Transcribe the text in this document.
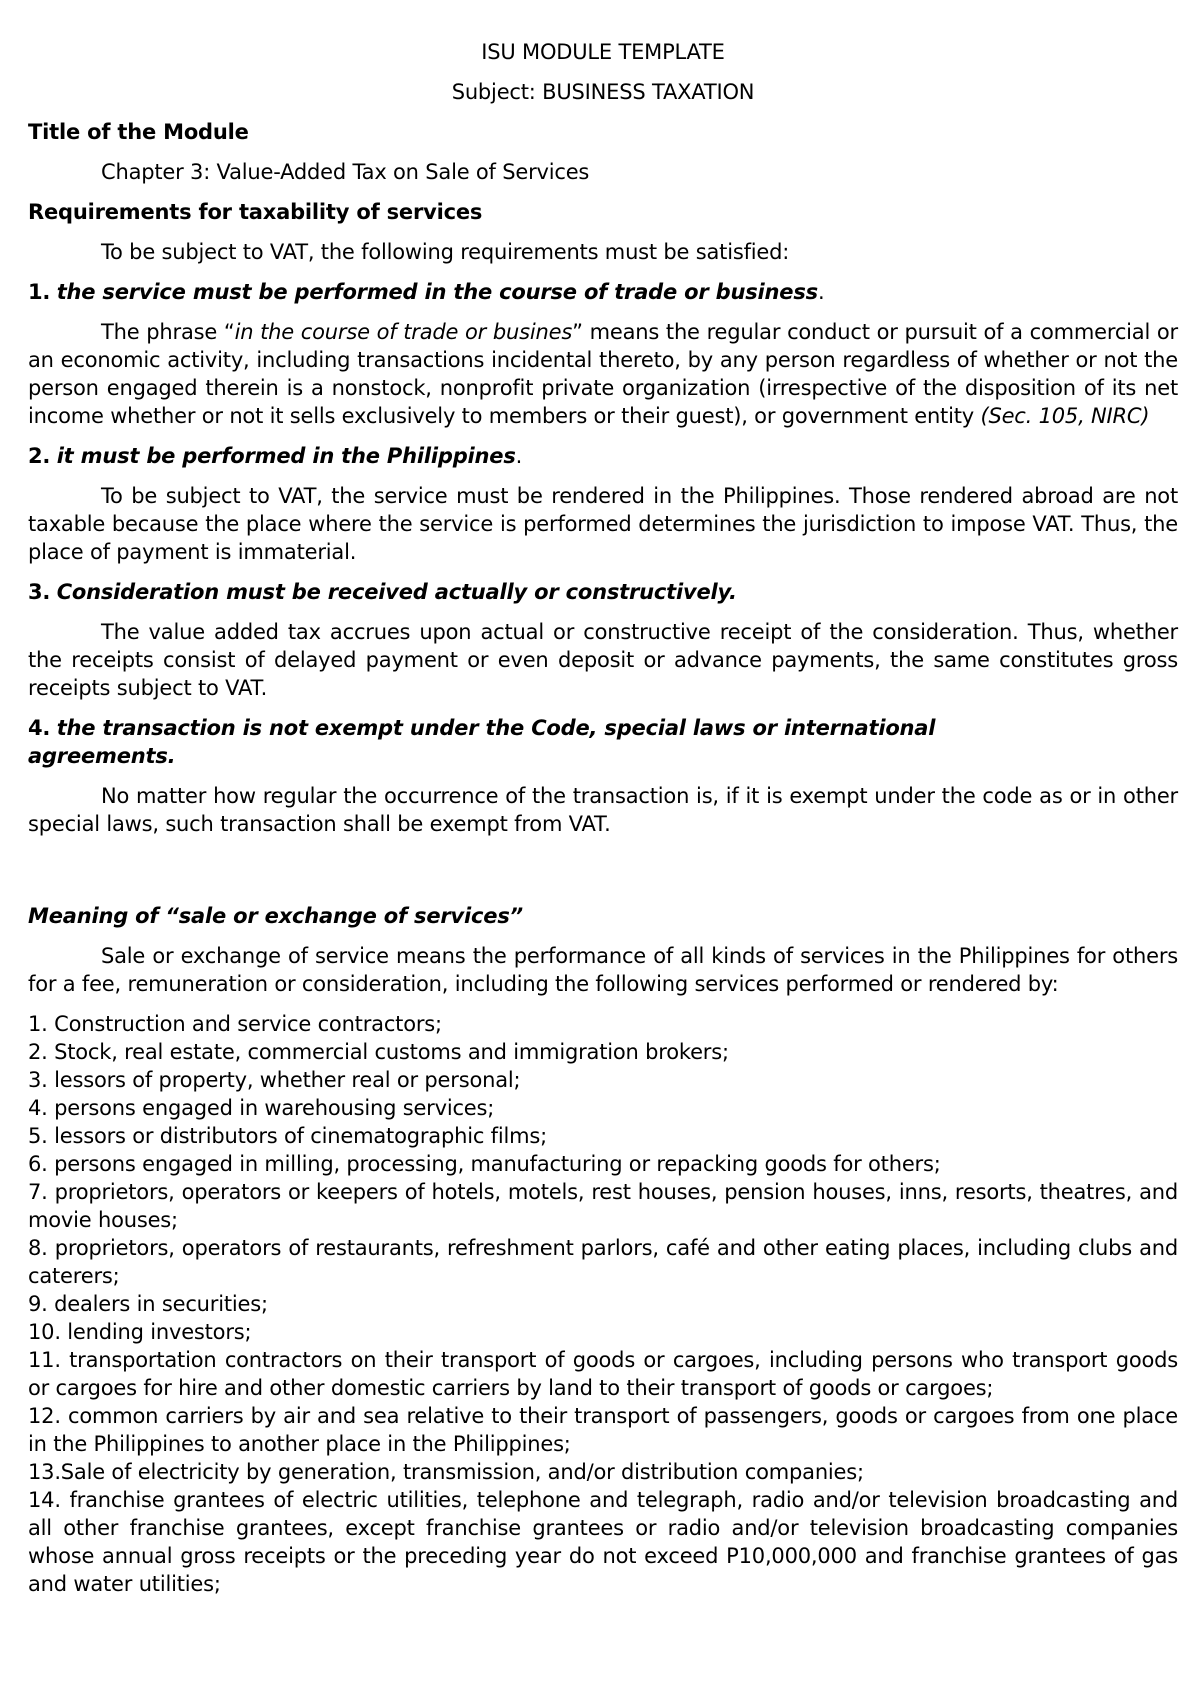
ISU MODULE TEMPLATE

Subject: BUSINESS TAXATION

Title of the Module

Chapter 3: Value-Added Tax on Sale of Services

Requirements for taxability of services

To be subject to VAT, the following requirements must be satisfied:

1. the service must be performed in the course of trade or business.

The phrase “in the course of trade or busines” means the regular conduct or pursuit of a commercial or an economic activity, including transactions incidental thereto, by any person regardless of whether or not the person engaged therein is a nonstock, nonprofit private organization (irrespective of the disposition of its net income whether or not it sells exclusively to members or their guest), or government entity (Sec. 105, NIRC)

2. it must be performed in the Philippines.

To be subject to VAT, the service must be rendered in the Philippines. Those rendered abroad are not taxable because the place where the service is performed determines the jurisdiction to impose VAT. Thus, the place of payment is immaterial.

3. Consideration must be received actually or constructively.

The value added tax accrues upon actual or constructive receipt of the consideration. Thus, whether the receipts consist of delayed payment or even deposit or advance payments, the same constitutes gross receipts subject to VAT.

4. the transaction is not exempt under the Code, special laws or international agreements.

No matter how regular the occurrence of the transaction is, if it is exempt under the code as or in other special laws, such transaction shall be exempt from VAT.

Meaning of “sale or exchange of services”

Sale or exchange of service means the performance of all kinds of services in the Philippines for others for a fee, remuneration or consideration, including the following services performed or rendered by:

1. Construction and service contractors;
2. Stock, real estate, commercial customs and immigration brokers;
3. lessors of property, whether real or personal;
4. persons engaged in warehousing services;
5. lessors or distributors of cinematographic films;
6. persons engaged in milling, processing, manufacturing or repacking goods for others;
7. proprietors, operators or keepers of hotels, motels, rest houses, pension houses, inns, resorts, theatres, and movie houses;
8. proprietors, operators of restaurants, refreshment parlors, café and other eating places, including clubs and caterers;
9. dealers in securities;
10. lending investors;
11. transportation contractors on their transport of goods or cargoes, including persons who transport goods or cargoes for hire and other domestic carriers by land to their transport of goods or cargoes;
12. common carriers by air and sea relative to their transport of passengers, goods or cargoes from one place in the Philippines to another place in the Philippines;
13.Sale of electricity by generation, transmission, and/or distribution companies;
14. franchise grantees of electric utilities, telephone and telegraph, radio and/or television broadcasting and all other franchise grantees, except franchise grantees or radio and/or television broadcasting companies whose annual gross receipts or the preceding year do not exceed P10,000,000 and franchise grantees of gas and water utilities;
